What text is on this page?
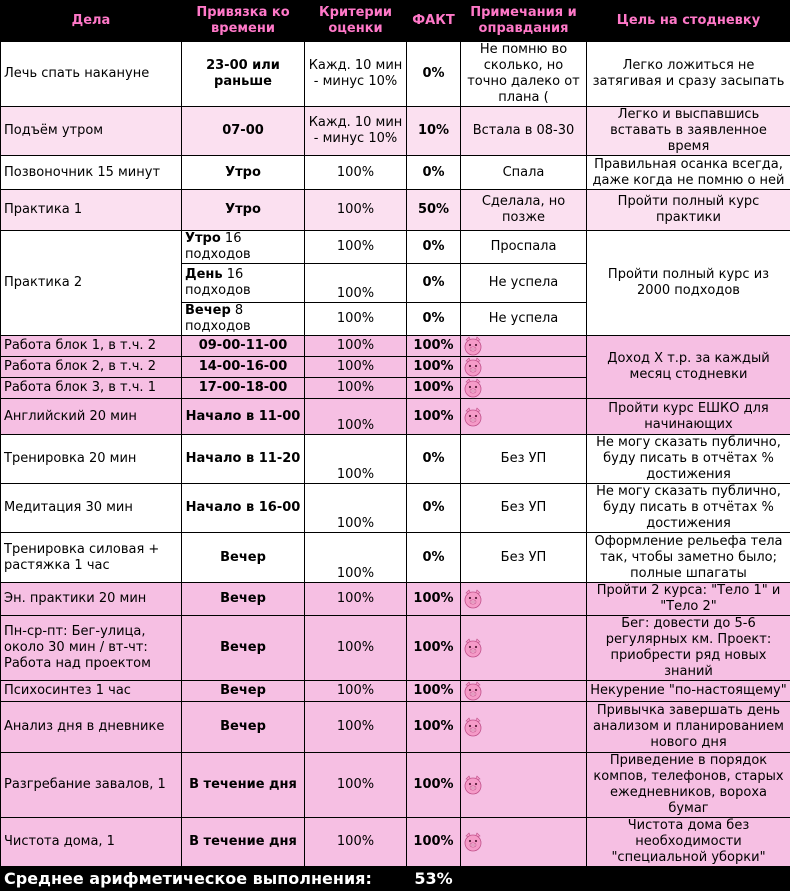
Дела	Привязка ко времени	Критерии оценки	ФАКТ	Примечания и оправдания	Цель на стодневку
Лечь спать накануне	23-00 или раньше	Кажд. 10 мин - минус 10%	0%	Не помню во сколько, но точно далеко от плана (	Легко ложиться не затягивая и сразу засыпать
Подъём утром	07-00	Кажд. 10 мин - минус 10%	10%	Встала в 08-30	Легко и выспавшись вставать в заявленное время
Позвоночник 15 минут	Утро	100%	0%	Спала	Правильная осанка всегда, даже когда не помню о ней
Практика 1	Утро	100%	50%	Сделала, но позже	Пройти полный курс практики
Практика 2	Утро 16 подходов	100%	0%	Проспала	Пройти полный курс из 2000 подходов
	День 16 подходов	100%	0%	Не успела	
	Вечер 8 подходов	100%	0%	Не успела	
Работа блок 1, в т.ч. 2	09-00-11-00	100%	100%		Доход Х т.р. за каждый месяц стодневки
Работа блок 2, в т.ч. 2	14-00-16-00	100%	100%	

Работа блок 3, в т.ч. 1	17-00-18-00	100%	100%	

Английский 20 мин	Начало в 11-00	100%	100%		Пройти курс ЕШКО для начинающих
Тренировка 20 мин	Начало в 11-20	100%	0%	Без УП	Не могу сказать публично, буду писать в отчётах % достижения
Медитация 30 мин	Начало в 16-00	100%	0%	Без УП	Не могу сказать публично, буду писать в отчётах % достижения
Тренировка силовая + растяжка 1 час	Вечер	100%	0%	Без УП	Оформление рельефа тела так, чтобы заметно было; полные шпагаты
Эн. практики 20 мин	Вечер	100%	100%		Пройти 2 курса: "Тело 1" и "Тело 2"
Пн-ср-пт: Бег-улица, около 30 мин / вт-чт: Работа над проектом	Вечер	100%	100%		Бег: довести до 5-6 регулярных км. Проект: приобрести ряд новых знаний
Психосинтез 1 час	Вечер	100%	100%		Некурение "по-настоящему"
Анализ дня в дневнике	Вечер	100%	100%		Привычка завершать день анализом и планированием нового дня
Разгребание завалов, 1	В течение дня	100%	100%		Приведение в порядок компов, телефонов, старых ежедневников, вороха бумаг
Чистота дома, 1	В течение дня	100%	100%		Чистота дома без необходимости "специальной уборки"
Среднее арифметическое выполнения:			53%		
